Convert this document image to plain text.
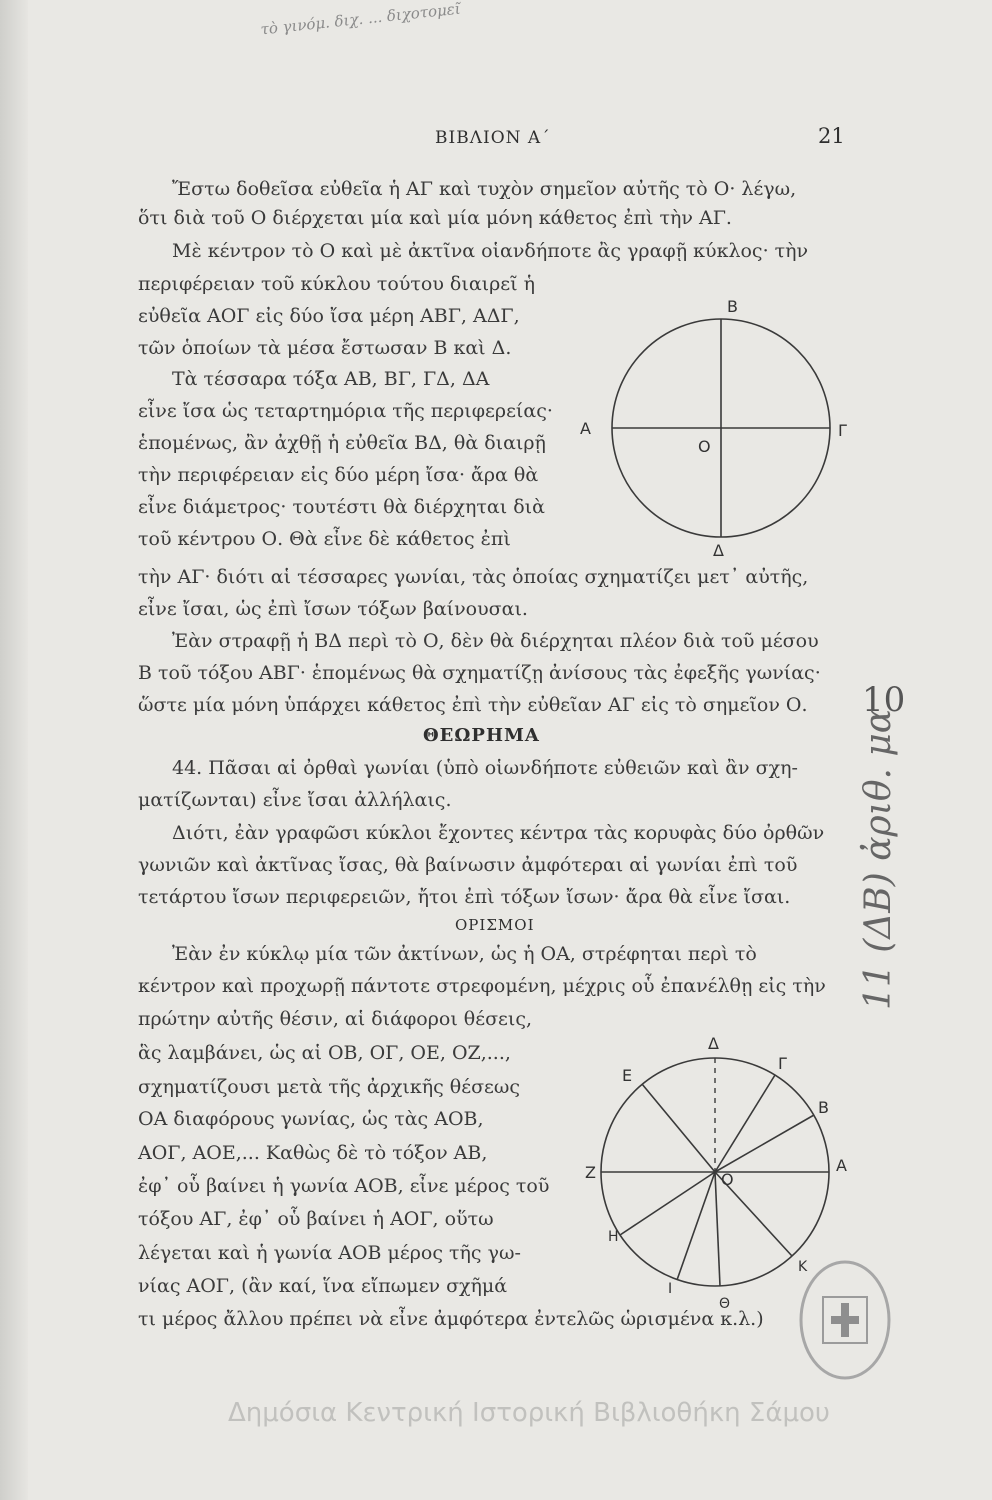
τὸ γινόμ. διχ. ... διχοτομεῖ
ΒΙΒΛΙΟΝ Α΄	21
Ἔστω δοθεῖσα εὐθεῖα ἡ ΑΓ καὶ τυχὸν σημεῖον αὐτῆς τὸ Ο· λέγω,
ὅτι διὰ τοῦ Ο διέρχεται μία καὶ μία μόνη κάθετος ἐπὶ τὴν ΑΓ.
Μὲ κέντρον τὸ Ο καὶ μὲ ἀκτῖνα οἱανδήποτε ἂς γραφῇ κύκλος· τὴν
περιφέρειαν τοῦ κύκλου τούτου διαιρεῖ ἡ
εὐθεῖα ΑΟΓ εἰς δύο ἴσα μέρη ΑΒΓ, ΑΔΓ,
τῶν ὁποίων τὰ μέσα ἔστωσαν Β καὶ Δ.
Τὰ τέσσαρα τόξα ΑΒ, ΒΓ, ΓΔ, ΔΑ
εἶνε ἴσα ὡς τεταρτημόρια τῆς περιφερείας·
ἑπομένως, ἂν ἀχθῇ ἡ εὐθεῖα ΒΔ, θὰ διαιρῇ
τὴν περιφέρειαν εἰς δύο μέρη ἴσα· ἄρα θὰ
εἶνε διάμετρος· τουτέστι θὰ διέρχηται διὰ
τοῦ κέντρου Ο. Θὰ εἶνε δὲ κάθετος ἐπὶ
τὴν ΑΓ· διότι αἱ τέσσαρες γωνίαι, τὰς ὁποίας σχηματίζει μετ᾽ αὐτῆς,
εἶνε ἴσαι, ὡς ἐπὶ ἴσων τόξων βαίνουσαι.
Ἐὰν στραφῇ ἡ ΒΔ περὶ τὸ Ο, δὲν θὰ διέρχηται πλέον διὰ τοῦ μέσου
Β τοῦ τόξου ΑΒΓ· ἑπομένως θὰ σχηματίζῃ ἀνίσους τὰς ἐφεξῆς γωνίας·
ὥστε μία μόνη ὑπάρχει κάθετος ἐπὶ τὴν εὐθεῖαν ΑΓ εἰς τὸ σημεῖον Ο. 10
Β
Α	Γ
Ο
Δ
ΘΕΩΡΗΜΑ
44. Πᾶσαι αἱ ὀρθαὶ γωνίαι (ὑπὸ οἱωνδήποτε εὐθειῶν καὶ ἂν σχη-
ματίζωνται) εἶνε ἴσαι ἀλλήλαις.
Διότι, ἐὰν γραφῶσι κύκλοι ἔχοντες κέντρα τὰς κορυφὰς δύο ὀρθῶν
γωνιῶν καὶ ἀκτῖνας ἴσας, θὰ βαίνωσιν ἀμφότεραι αἱ γωνίαι ἐπὶ τοῦ
τετάρτου ἴσων περιφερειῶν, ἤτοι ἐπὶ τόξων ἴσων· ἄρα θὰ εἶνε ἴσαι.
ΟΡΙΣΜΟΙ
Ἐὰν ἐν κύκλῳ μία τῶν ἀκτίνων, ὡς ἡ ΟΑ, στρέφηται περὶ τὸ
κέντρον καὶ προχωρῇ πάντοτε στρεφομένη, μέχρις οὗ ἐπανέλθῃ εἰς τὴν
πρώτην αὐτῆς θέσιν, αἱ διάφοροι θέσεις,
ἃς λαμβάνει, ὡς αἱ ΟΒ, ΟΓ, ΟΕ, ΟΖ,...,
σχηματίζουσι μετὰ τῆς ἀρχικῆς θέσεως
ΟΑ διαφόρους γωνίας, ὡς τὰς ΑΟΒ,
ΑΟΓ, ΑΟΕ,... Καθὼς δὲ τὸ τόξον ΑΒ,
ἐφ᾽ οὗ βαίνει ἡ γωνία ΑΟΒ, εἶνε μέρος τοῦ
τόξου ΑΓ, ἐφ᾽ οὗ βαίνει ἡ ΑΟΓ, οὕτω
λέγεται καὶ ἡ γωνία ΑΟΒ μέρος τῆς γω-
νίας ΑΟΓ, (ἂν καί, ἵνα εἴπωμεν σχῆμά
τι μέρος ἄλλου πρέπει νὰ εἶνε ἀμφότερα ἐντελῶς ὡρισμένα κ.λ.)
Δ
Γ
Ε
Β
Α
Ζ	Ο
Η
Κ
Ι
Θ
11 (ΔΒ) ἀριθ. μα
Δημόσια Κεντρική Ιστορική Βιβλιοθήκη Σάμου
